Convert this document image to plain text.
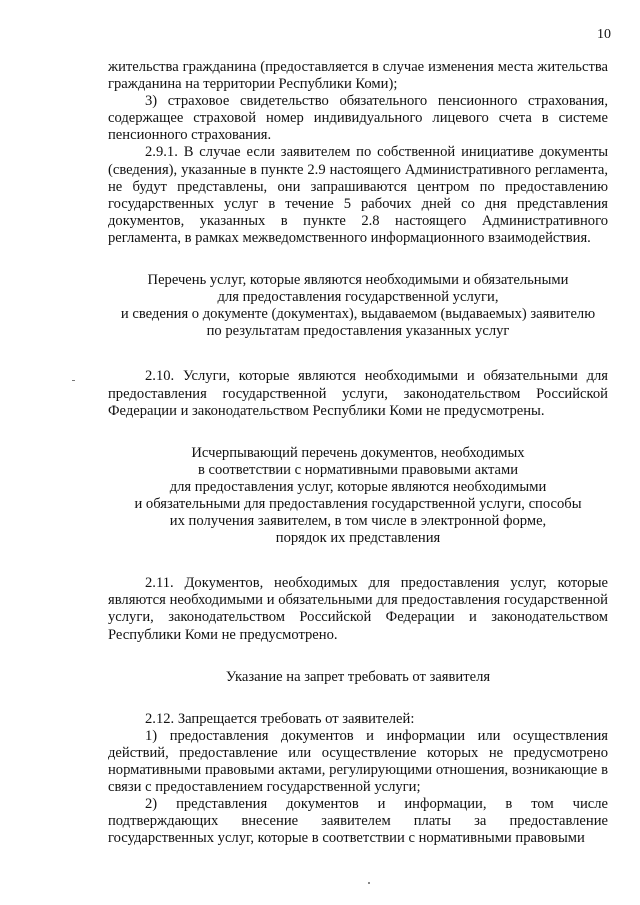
10

жительства гражданина (предоставляется в случае изменения места жительства гражданина на территории Республики Коми);

3) страховое свидетельство обязательного пенсионного страхования, содержащее страховой номер индивидуального лицевого счета в системе пенсионного страхования.

2.9.1. В случае если заявителем по собственной инициативе документы (сведения), указанные в пункте 2.9 настоящего Административного регламента, не будут представлены, они запрашиваются центром по предоставлению государственных услуг в течение 5 рабочих дней со дня представления документов, указанных в пункте 2.8 настоящего Административного регламента, в рамках межведомственного информационного взаимодействия.

Перечень услуг, которые являются необходимыми и обязательными
для предоставления государственной услуги,
и сведения о документе (документах), выдаваемом (выдаваемых) заявителю
по результатам предоставления указанных услуг

2.10. Услуги, которые являются необходимыми и обязательными для предоставления государственной услуги, законодательством Российской Федерации и законодательством Республики Коми не предусмотрены.

Исчерпывающий перечень документов, необходимых
в соответствии с нормативными правовыми актами
для предоставления услуг, которые являются необходимыми
и обязательными для предоставления государственной услуги, способы
их получения заявителем, в том числе в электронной форме,
порядок их представления

2.11. Документов, необходимых для предоставления услуг, которые являются необходимыми и обязательными для предоставления государственной услуги, законодательством Российской Федерации и законодательством Республики Коми не предусмотрено.

Указание на запрет требовать от заявителя

2.12. Запрещается требовать от заявителей:

1) предоставления документов и информации или осуществления действий, предоставление или осуществление которых не предусмотрено нормативными правовыми актами, регулирующими отношения, возникающие в связи с предоставлением государственной услуги;

2) представления документов и информации, в том числе подтверждающих внесение заявителем платы за предоставление государственных услуг, которые в соответствии с нормативными правовыми
